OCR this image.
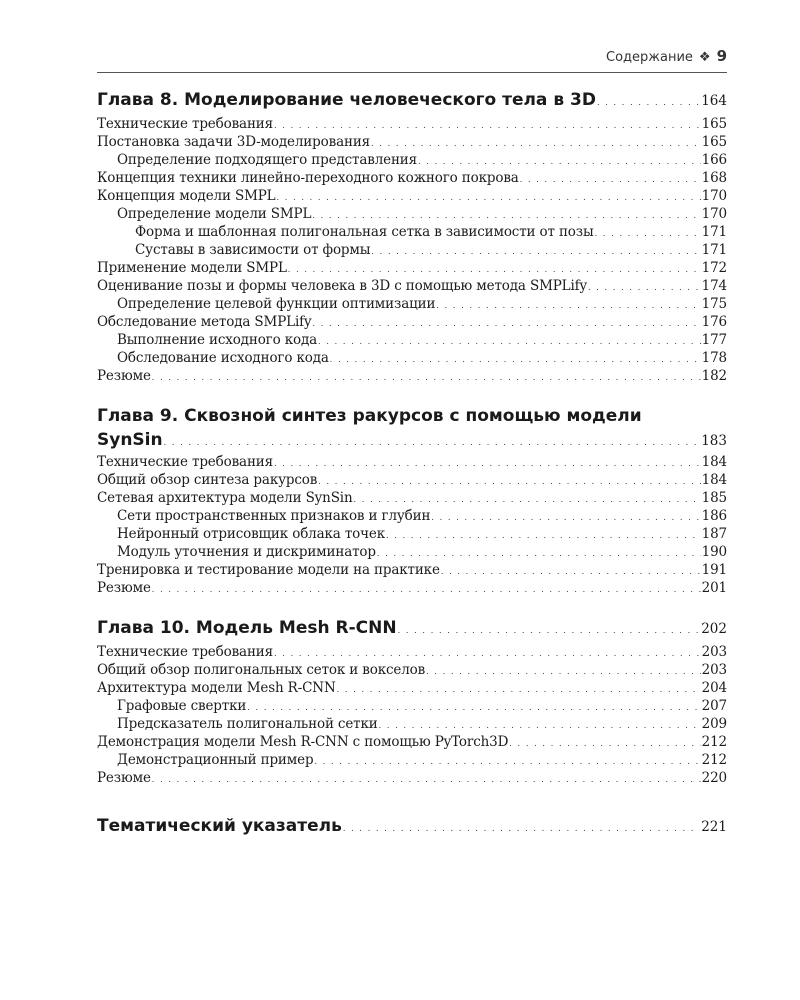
Содержание ❖ 9
Глава 8. Моделирование человеческого тела в 3D . . .	164
Технические требования . . .	165
Постановка задачи 3D-моделирования . . .	165
Определение подходящего представления . . .	166
Концепция техники линейно-переходного кожного покрова . . .	168
Концепция модели SMPL . . .	170
Определение модели SMPL . . .	170
Форма и шаблонная полигональная сетка в зависимости от позы . . .	171
Суставы в зависимости от формы . . .	171
Применение модели SMPL . . .	172
Оценивание позы и формы человека в 3D с помощью метода SMPLify . . .	174
Определение целевой функции оптимизации . . .	175
Обследование метода SMPLify . . .	176
Выполнение исходного кода . . .	177
Обследование исходного кода . . .	178
Резюме . . .	182
Глава 9. Сквозной синтез ракурсов с помощью модели
SynSin . . .	183
Технические требования . . .	184
Общий обзор синтеза ракурсов . . .	184
Сетевая архитектура модели SynSin . . .	185
Сети пространственных признаков и глубин . . .	186
Нейронный отрисовщик облака точек . . .	187
Модуль уточнения и дискриминатор . . .	190
Тренировка и тестирование модели на практике . . .	191
Резюме . . .	201
Глава 10. Модель Mesh R-CNN . . .	202
Технические требования . . .	203
Общий обзор полигональных сеток и вокселов . . .	203
Архитектура модели Mesh R-CNN . . .	204
Графовые свертки . . .	207
Предсказатель полигональной сетки . . .	209
Демонстрация модели Mesh R-CNN с помощью PyTorch3D . . .	212
Демонстрационный пример . . .	212
Резюме . . .	220
Тематический указатель . . .	221
